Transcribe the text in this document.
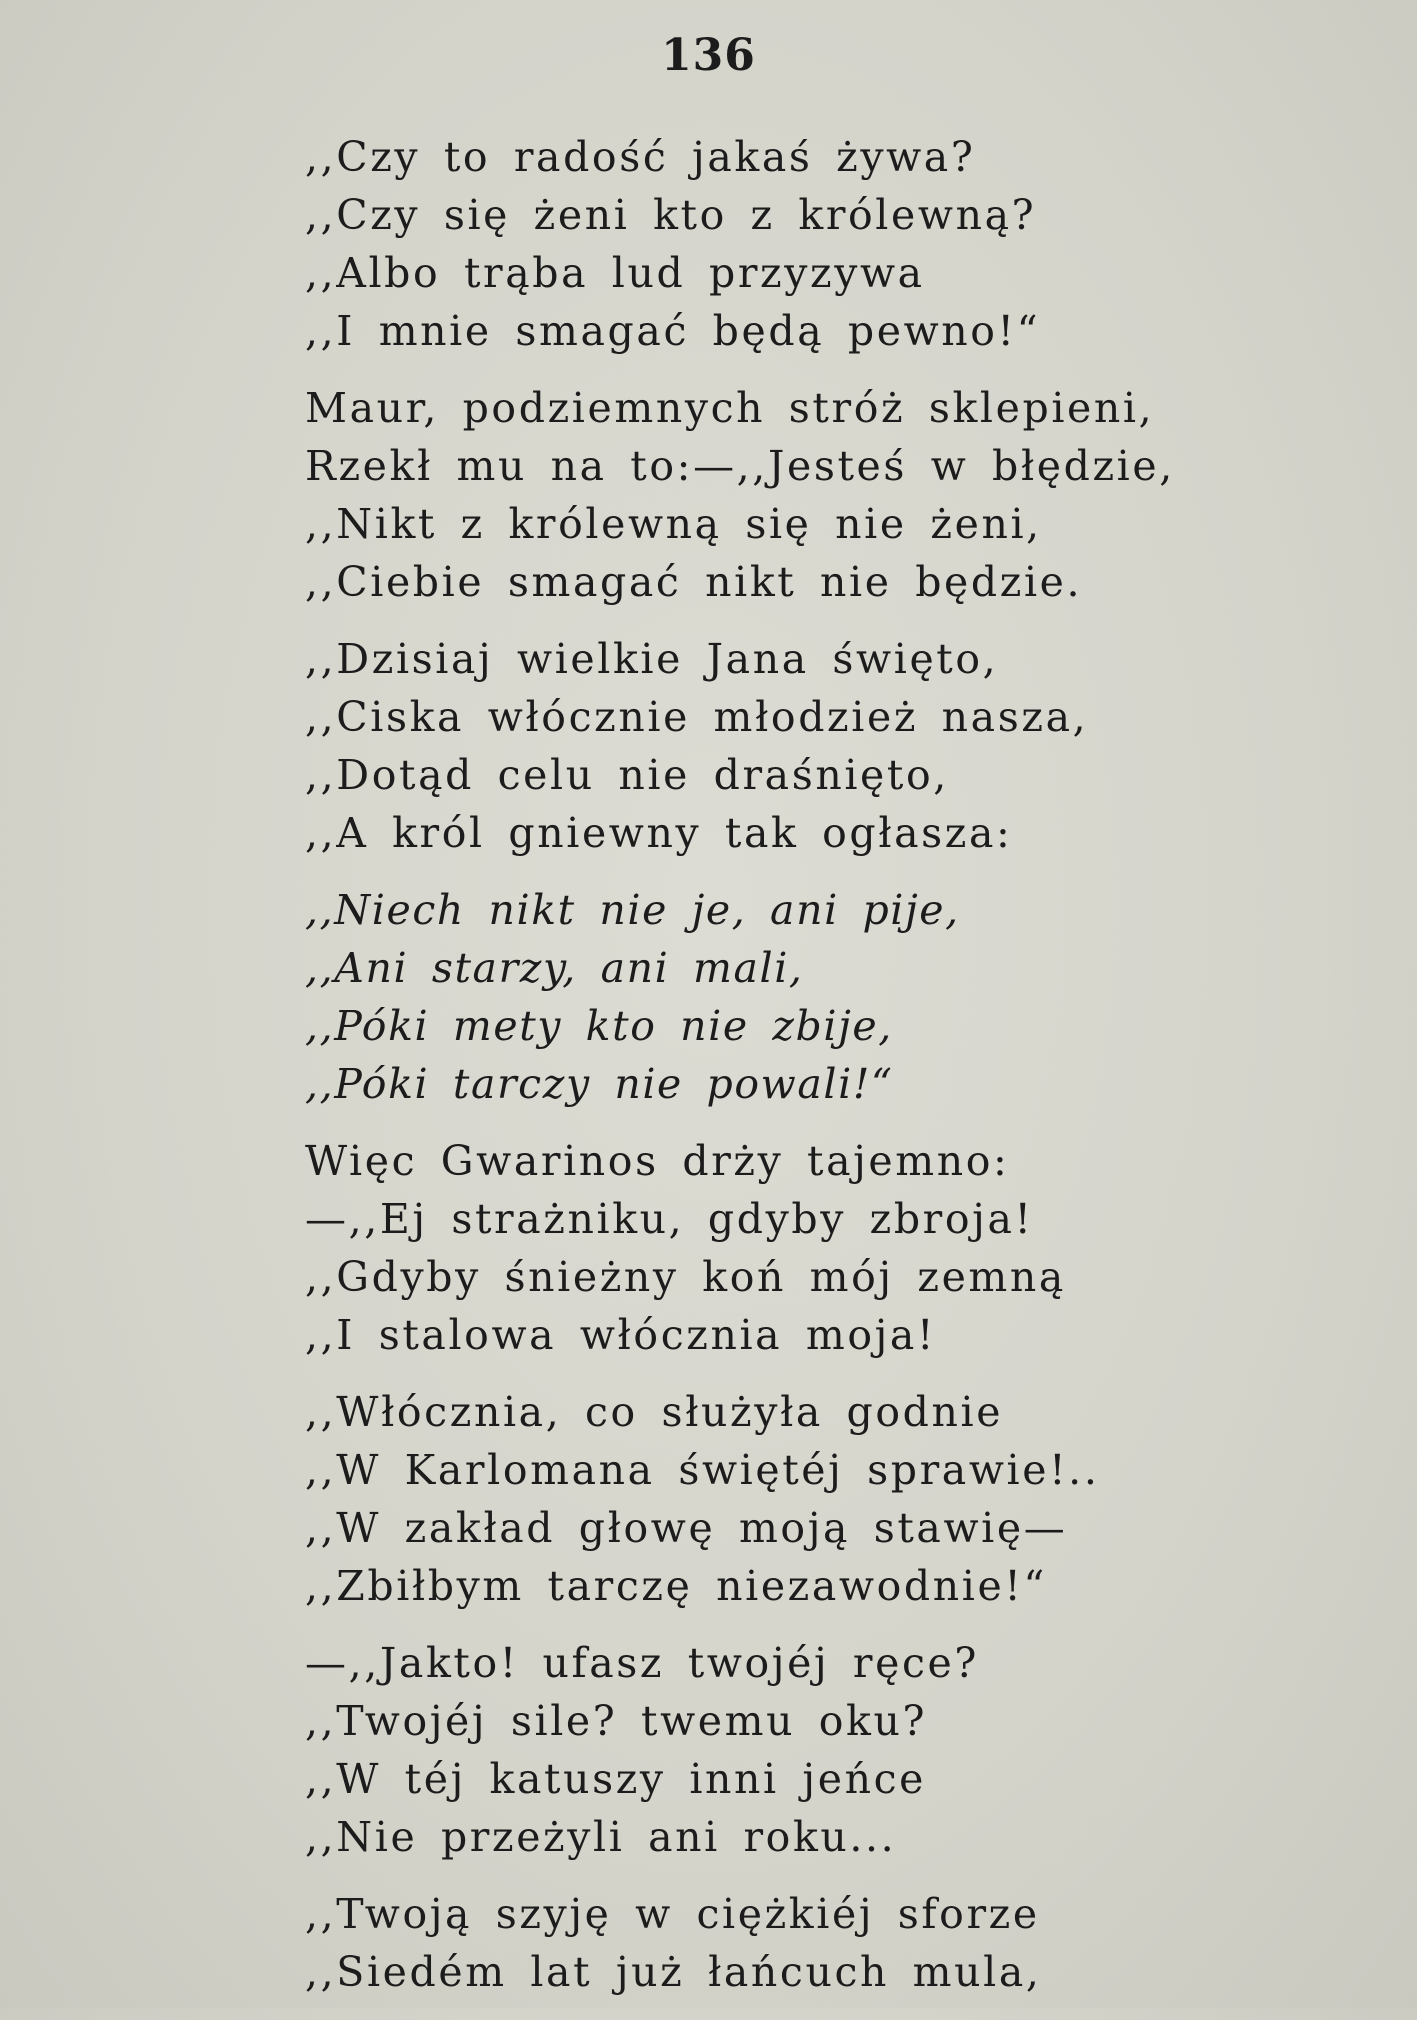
136
,,Czy to radość jakaś żywa?
,,Czy się żeni kto z królewną?
,,Albo trąba lud przyzywa
,,I mnie smagać będą pewno!“
Maur, podziemnych stróż sklepieni,
Rzekł mu na to:—,,Jesteś w błędzie,
,,Nikt z królewną się nie żeni,
,,Ciebie smagać nikt nie będzie.
,,Dzisiaj wielkie Jana święto,
,,Ciska włócznie młodzież nasza,
,,Dotąd celu nie draśnięto,
,,A król gniewny tak ogłasza:
,,Niech nikt nie je, ani pije,
,,Ani starzy, ani mali,
,,Póki mety kto nie zbije,
,,Póki tarczy nie powali!“
Więc Gwarinos drży tajemno:
—,,Ej strażniku, gdyby zbroja!
,,Gdyby śnieżny koń mój zemną
,,I stalowa włócznia moja!
,,Włócznia, co służyła godnie
,,W Karlomana świętéj sprawie!..
,,W zakład głowę moją stawię—
,,Zbiłbym tarczę niezawodnie!“
—,,Jakto! ufasz twojéj ręce?
,,Twojéj sile? twemu oku?
,,W téj katuszy inni jeńce
,,Nie przeżyli ani roku...
,,Twoją szyję w ciężkiéj sforze
,,Siedém lat już łańcuch mula,
